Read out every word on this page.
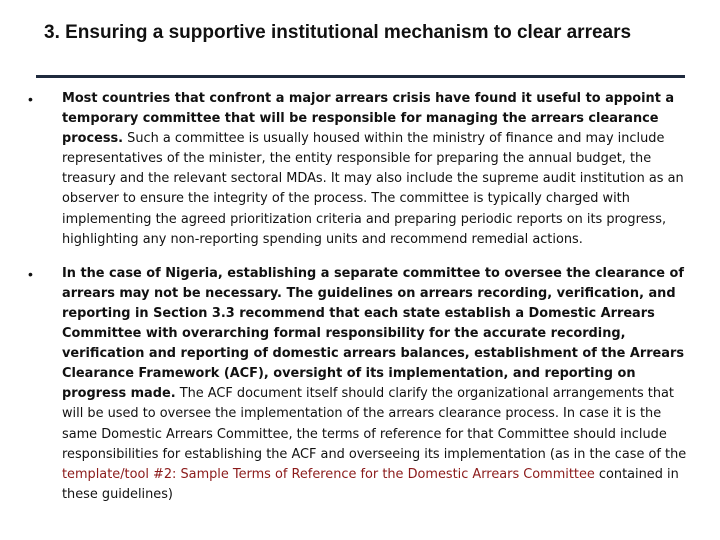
3. Ensuring a supportive institutional mechanism to clear arrears
•	Most countries that confront a major arrears crisis have found it useful to appoint a temporary committee that will be responsible for managing the arrears clearance process. Such a committee is usually housed within the ministry of finance and may include representatives of the minister, the entity responsible for preparing the annual budget, the treasury and the relevant sectoral MDAs. It may also include the supreme audit institution as an observer to ensure the integrity of the process. The committee is typically charged with implementing the agreed prioritization criteria and preparing periodic reports on its progress, highlighting any non-reporting spending units and recommend remedial actions.
•	In the case of Nigeria, establishing a separate committee to oversee the clearance of arrears may not be necessary. The guidelines on arrears recording, verification, and reporting in Section 3.3 recommend that each state establish a Domestic Arrears Committee with overarching formal responsibility for the accurate recording, verification and reporting of domestic arrears balances, establishment of the Arrears Clearance Framework (ACF), oversight of its implementation, and reporting on progress made. The ACF document itself should clarify the organizational arrangements that will be used to oversee the implementation of the arrears clearance process. In case it is the same Domestic Arrears Committee, the terms of reference for that Committee should include responsibilities for establishing the ACF and overseeing its implementation (as in the case of the template/tool #2: Sample Terms of Reference for the Domestic Arrears Committee contained in these guidelines)
